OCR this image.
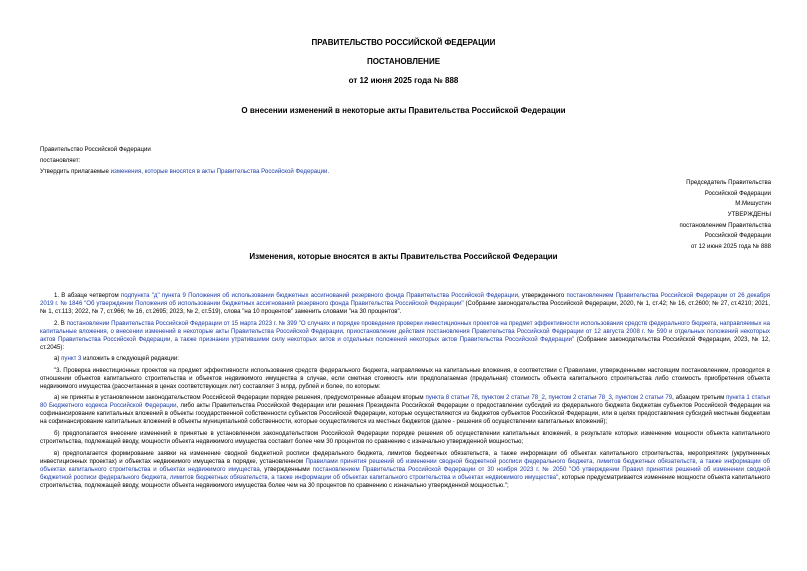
ПРАВИТЕЛЬСТВО РОССИЙСКОЙ ФЕДЕРАЦИИ
ПОСТАНОВЛЕНИЕ
от 12 июня 2025 года № 888
О внесении изменений в некоторые акты Правительства Российской Федерации
Правительство Российской Федерации
постановляет:
Утвердить прилагаемые изменения, которые вносятся в акты Правительства Российской Федерации.
Председатель Правительства
Российской Федерации
М.Мишустин
УТВЕРЖДЕНЫ
постановлением Правительства
Российской Федерации
от 12 июня 2025 года № 888
Изменения, которые вносятся в акты Правительства Российской Федерации

1. В абзаце четвертом подпункта "д" пункта 9 Положения об использовании бюджетных ассигнований резервного фонда Правительства Российской Федерации, утвержденного постановлением Правительства Российской Федерации от 26 декабря 2019 г. № 1846 "Об утверждении Положения об использовании бюджетных ассигнований резервного фонда Правительства Российской Федерации" (Собрание законодательства Российской Федерации, 2020, № 1, ст.42; № 16, ст.2600; № 27, ст.4210; 2021, № 1, ст.113; 2022, № 7, ст.966; № 16, ст.2695; 2023, № 2, ст.519), слова "на 10 процентов" заменить словами "на 30 процентов".

2. В постановлении Правительства Российской Федерации от 15 марта 2023 г. № 399 "О случаях и порядке проведения проверки инвестиционных проектов на предмет эффективности использования средств федерального бюджета, направляемых на капитальные вложения, о внесении изменений в некоторые акты Правительства Российской Федерации, приостановлении действия постановления Правительства Российской Федерации от 12 августа 2008 г. № 590 и отдельных положений некоторых актов Правительства Российской Федерации, а также признании утратившими силу некоторых актов и отдельных положений некоторых актов Правительства Российской Федерации" (Собрание законодательства Российской Федерации, 2023, № 12, ст.2045):

а) пункт 3 изложить в следующей редакции:

"3. Проверка инвестиционных проектов на предмет эффективности использования средств федерального бюджета, направляемых на капитальные вложения, в соответствии с Правилами, утвержденными настоящим постановлением, проводится в отношении объектов капитального строительства и объектов недвижимого имущества в случае, если сметная стоимость или предполагаемая (предельная) стоимость объекта капитального строительства либо стоимость приобретения объекта недвижимого имущества (рассчитанная в ценах соответствующих лет) составляет 3 млрд. рублей и более, по которым:

а) не приняты в установленном законодательством Российской Федерации порядке решения, предусмотренные абзацем вторым пункта 8 статьи 78, пунктом 2 статьи 78_2, пунктом 2 статьи 78_3, пунктом 2 статьи 79, абзацем третьим пункта 1 статьи 80 Бюджетного кодекса Российской Федерации, либо акты Правительства Российской Федерации или решения Президента Российской Федерации о предоставлении субсидий из федерального бюджета бюджетам субъектов Российской Федерации на софинансирование капитальных вложений в объекты государственной собственности субъектов Российской Федерации, которые осуществляются из бюджетов субъектов Российской Федерации, или в целях предоставления субсидий местным бюджетам на софинансирование капитальных вложений в объекты муниципальной собственности, которые осуществляются из местных бюджетов (далее - решения об осуществлении капитальных вложений);

б) предполагается внесение изменений в принятые в установленном законодательством Российской Федерации порядке решения об осуществлении капитальных вложений, в результате которых изменение мощности объекта капитального строительства, подлежащей вводу, мощности объекта недвижимого имущества составит более чем 30 процентов по сравнению с изначально утвержденной мощностью;

в) предполагается формирование заявки на изменение сводной бюджетной росписи федерального бюджета, лимитов бюджетных обязательств, а также информации об объектах капитального строительства, мероприятиях (укрупненных инвестиционных проектах) и объектах недвижимого имущества в порядке, установленном Правилами принятия решений об изменении сводной бюджетной росписи федерального бюджета, лимитов бюджетных обязательств, а также информации об объектах капитального строительства и объектах недвижимого имущества, утвержденными постановлением Правительства Российской Федерации от 30 ноября 2023 г. № 2050 "Об утверждении Правил принятия решений об изменении сводной бюджетной росписи федерального бюджета, лимитов бюджетных обязательств, а также информации об объектах капитального строительства и объектах недвижимого имущества", которые предусматривается изменение мощности объекта капитального строительства, подлежащей вводу, мощности объекта недвижимого имущества более чем на 30 процентов по сравнению с изначально утвержденной мощностью.";
